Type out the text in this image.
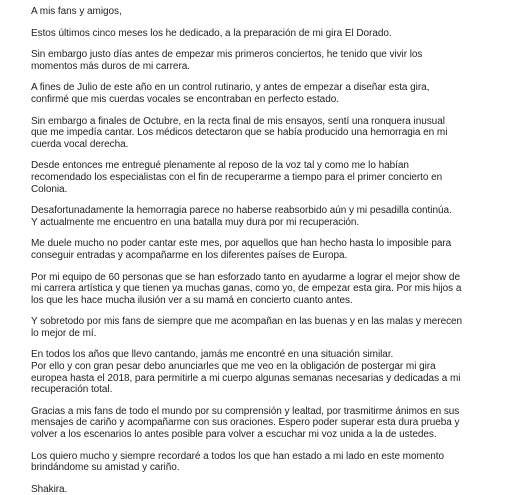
A mis fans y amigos,

Estos últimos cinco meses los he dedicado, a la preparación de mi gira El Dorado.

Sin embargo justo días antes de empezar mis primeros conciertos, he tenido que vivir los
momentos más duros de mi carrera.

A fines de Julio de este año en un control rutinario, y antes de empezar a diseñar esta gira,
confirmé que mis cuerdas vocales se encontraban en perfecto estado.

Sin embargo a finales de Octubre, en la recta final de mis ensayos, sentí una ronquera inusual
que me impedía cantar. Los médicos detectaron que se había producido una hemorragia en mi
cuerda vocal derecha.

Desde entonces me entregué plenamente al reposo de la voz tal y como me lo habían
recomendado los especialistas con el fin de recuperarme a tiempo para el primer concierto en
Colonia.

Desafortunadamente la hemorragia parece no haberse reabsorbido aún y mi pesadilla continúa.
Y actualmente me encuentro en una batalla muy dura por mi recuperación.

Me duele mucho no poder cantar este mes, por aquellos que han hecho hasta lo imposible para
conseguir entradas y acompañarme en los diferentes países de Europa.

Por mi equipo de 60 personas que se han esforzado tanto en ayudarme a lograr el mejor show de
mi carrera artística y que tienen ya muchas ganas, como yo, de empezar esta gira. Por mis hijos a
los que les hace mucha ilusión ver a su mamá en concierto cuanto antes.

Y sobretodo por mis fans de siempre que me acompañan en las buenas y en las malas y merecen
lo mejor de mí.

En todos los años que llevo cantando, jamás me encontré en una situación similar.
Por ello y con gran pesar debo anunciarles que me veo en la obligación de postergar mi gira
europea hasta el 2018, para permitirle a mi cuerpo algunas semanas necesarias y dedicadas a mi
recuperación total.

Gracias a mis fans de todo el mundo por su comprensión y lealtad, por trasmitirme ánimos en sus
mensajes de cariño y acompañarme con sus oraciones. Espero poder superar esta dura prueba y
volver a los escenarios lo antes posible para volver a escuchar mi voz unida a la de ustedes.

Los quiero mucho y siempre recordaré a todos los que han estado a mi lado en este momento
brindándome su amistad y cariño.

Shakira.
